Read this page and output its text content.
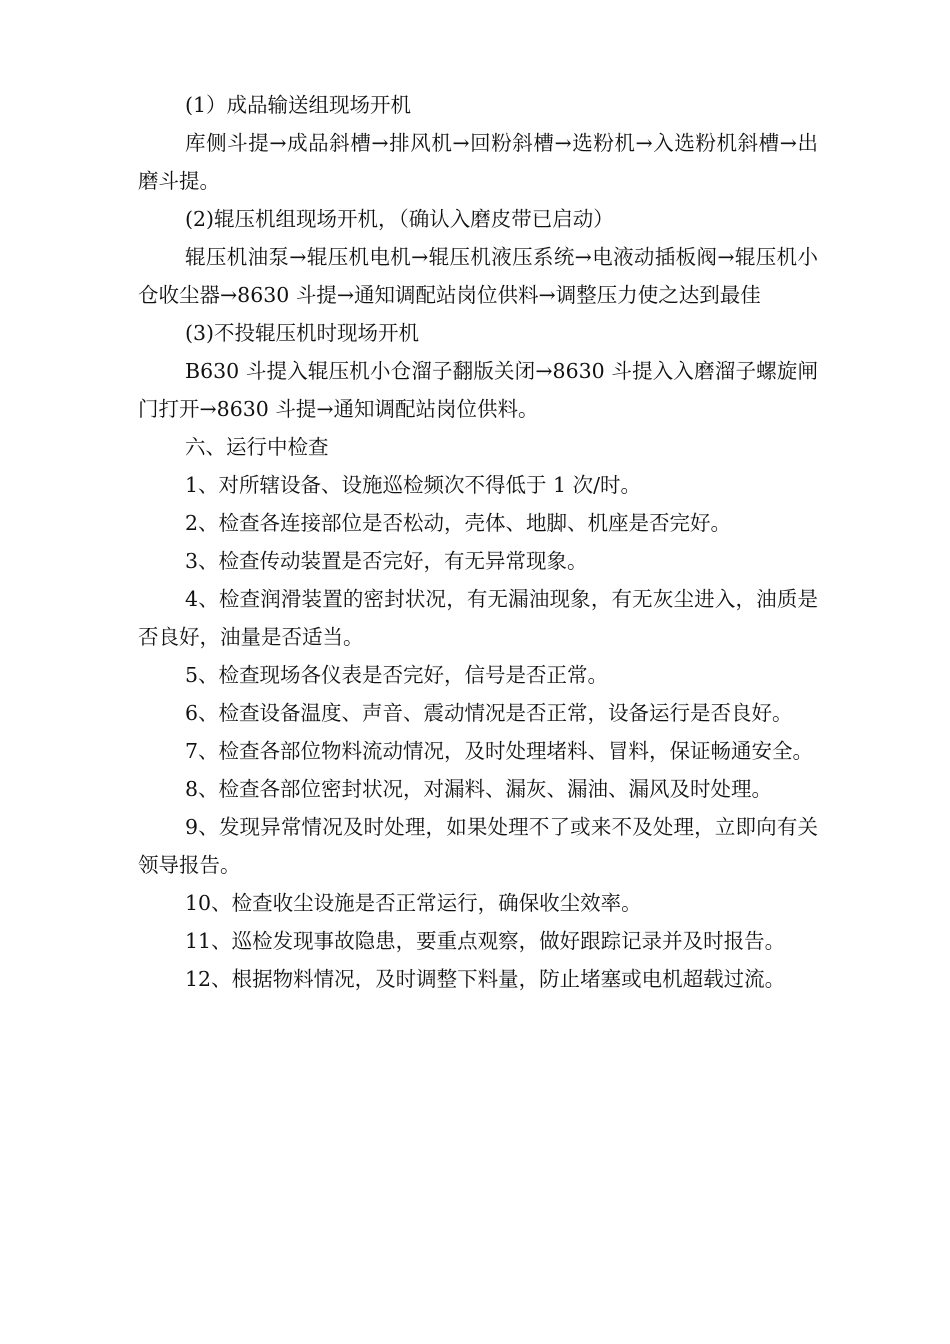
(1）成品输送组现场开机

库侧斗提→成品斜槽→排风机→回粉斜槽→选粉机→入选粉机斜槽→出磨斗提。

(2)辊压机组现场开机，（确认入磨皮带已启动）

辊压机油泵→辊压机电机→辊压机液压系统→电液动插板阀→辊压机小仓收尘器→8630 斗提→通知调配站岗位供料→调整压力使之达到最佳

(3)不投辊压机时现场开机

B630 斗提入辊压机小仓溜子翻版关闭→8630 斗提入入磨溜子螺旋闸门打开→8630 斗提→通知调配站岗位供料。

六、运行中检查

1、对所辖设备、设施巡检频次不得低于 1 次/时。

2、检查各连接部位是否松动，壳体、地脚、机座是否完好。

3、检查传动装置是否完好，有无异常现象。

4、检查润滑装置的密封状况，有无漏油现象，有无灰尘进入，油质是否良好，油量是否适当。

5、检查现场各仪表是否完好，信号是否正常。

6、检查设备温度、声音、震动情况是否正常，设备运行是否良好。

7、检查各部位物料流动情况，及时处理堵料、冒料，保证畅通安全。

8、检查各部位密封状况，对漏料、漏灰、漏油、漏风及时处理。

9、发现异常情况及时处理，如果处理不了或来不及处理，立即向有关领导报告。

10、检查收尘设施是否正常运行，确保收尘效率。

11、巡检发现事故隐患，要重点观察，做好跟踪记录并及时报告。

12、根据物料情况，及时调整下料量，防止堵塞或电机超载过流。
